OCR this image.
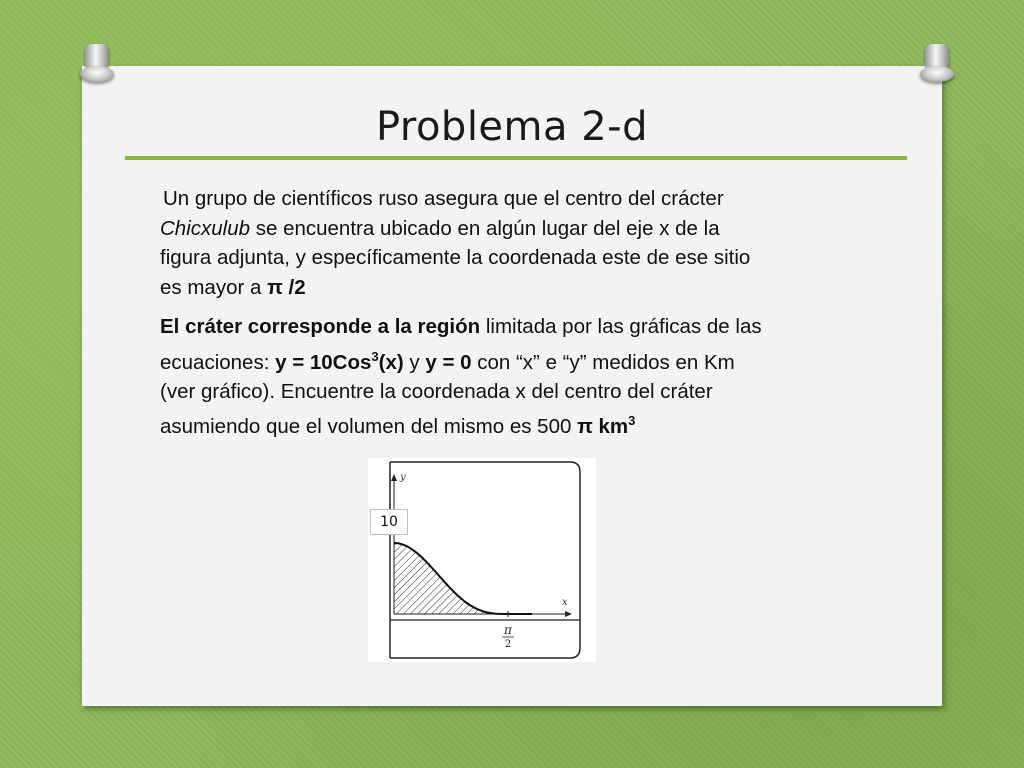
Problema 2-d
Un grupo de científicos ruso asegura que el centro del crácter
Chicxulub se encuentra ubicado en algún lugar del eje x de la
figura adjunta, y específicamente la coordenada este de ese sitio
es mayor a π /2
El cráter corresponde a la región limitada por las gráficas de las
ecuaciones: y = 10Cos$^3$(x) y y = 0 con “x” e “y” medidos en Km
(ver gráfico). Encuentre la coordenada x del centro del cráter
asumiendo que el volumen del mismo es 500 π $km^3$
y
x
π
2
10
